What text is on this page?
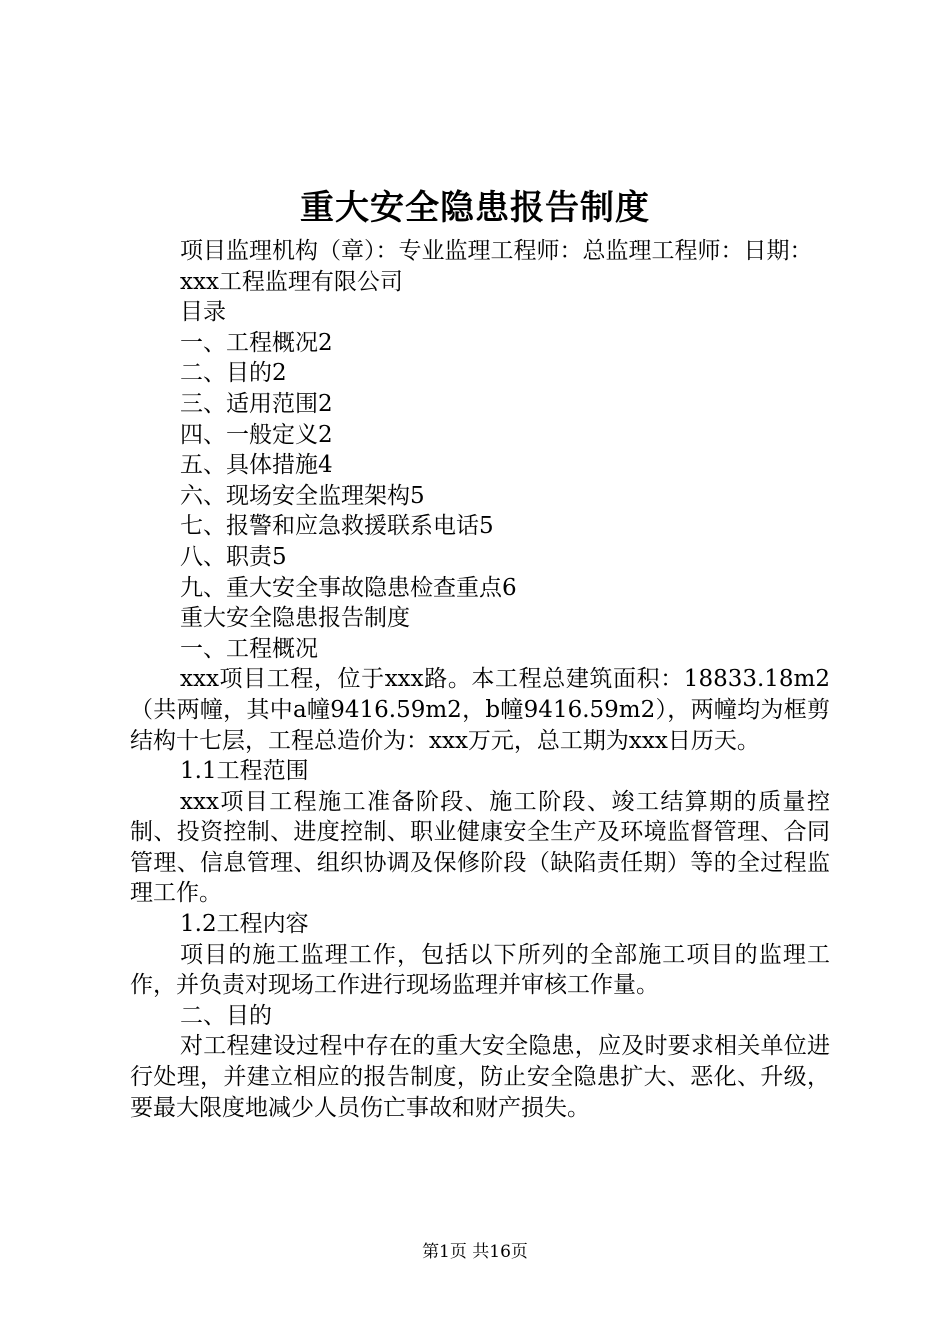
重大安全隐患报告制度

项目监理机构（章）：专业监理工程师：总监理工程师：日期：

xxx工程监理有限公司

目录

一、工程概况2

二、目的2

三、适用范围2

四、一般定义2

五、具体措施4

六、现场安全监理架构5

七、报警和应急救援联系电话5

八、职责5

九、重大安全事故隐患检查重点6

重大安全隐患报告制度

一、工程概况

xxx项目工程，位于xxx路。本工程总建筑面积：18833.18m2（共两幢，其中a幢9416.59m2，b幢9416.59m2），两幢均为框剪结构十七层，工程总造价为：xxx万元，总工期为xxx日历天。

1.1工程范围

xxx项目工程施工准备阶段、施工阶段、竣工结算期的质量控制、投资控制、进度控制、职业健康安全生产及环境监督管理、合同管理、信息管理、组织协调及保修阶段（缺陷责任期）等的全过程监理工作。

1.2工程内容

项目的施工监理工作，包括以下所列的全部施工项目的监理工作，并负责对现场工作进行现场监理并审核工作量。

二、目的

对工程建设过程中存在的重大安全隐患，应及时要求相关单位进行处理，并建立相应的报告制度，防止安全隐患扩大、恶化、升级，要最大限度地减少人员伤亡事故和财产损失。

第1页 共16页
